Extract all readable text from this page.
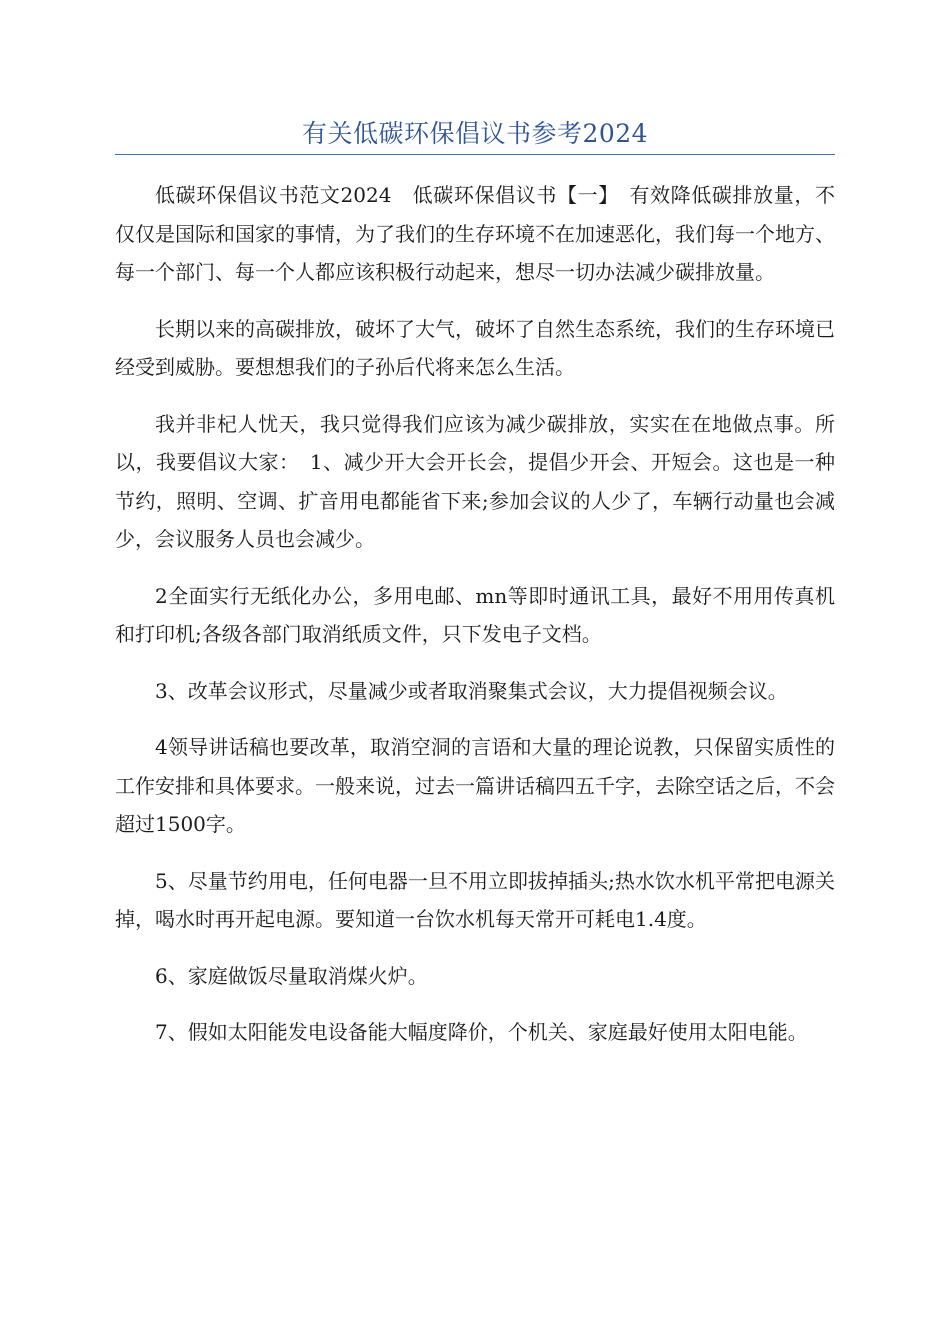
有关低碳环保倡议书参考2024

低碳环保倡议书范文2024　低碳环保倡议书【一】　有效降低碳排放量，不仅仅是国际和国家的事情，为了我们的生存环境不在加速恶化，我们每一个地方、每一个部门、每一个人都应该积极行动起来，想尽一切办法减少碳排放量。

长期以来的高碳排放，破坏了大气，破坏了自然生态系统，我们的生存环境已经受到威胁。要想想我们的子孙后代将来怎么生活。

我并非杞人忧天，我只觉得我们应该为减少碳排放，实实在在地做点事。所以，我要倡议大家：　1、减少开大会开长会，提倡少开会、开短会。这也是一种节约，照明、空调、扩音用电都能省下来;参加会议的人少了，车辆行动量也会减少，会议服务人员也会减少。

2全面实行无纸化办公，多用电邮、mn等即时通讯工具，最好不用用传真机和打印机;各级各部门取消纸质文件，只下发电子文档。

3、改革会议形式，尽量减少或者取消聚集式会议，大力提倡视频会议。

4领导讲话稿也要改革，取消空洞的言语和大量的理论说教，只保留实质性的工作安排和具体要求。一般来说，过去一篇讲话稿四五千字，去除空话之后，不会超过1500字。

5、尽量节约用电，任何电器一旦不用立即拔掉插头;热水饮水机平常把电源关掉，喝水时再开起电源。要知道一台饮水机每天常开可耗电1.4度。

6、家庭做饭尽量取消煤火炉。

7、假如太阳能发电设备能大幅度降价，个机关、家庭最好使用太阳电能。
